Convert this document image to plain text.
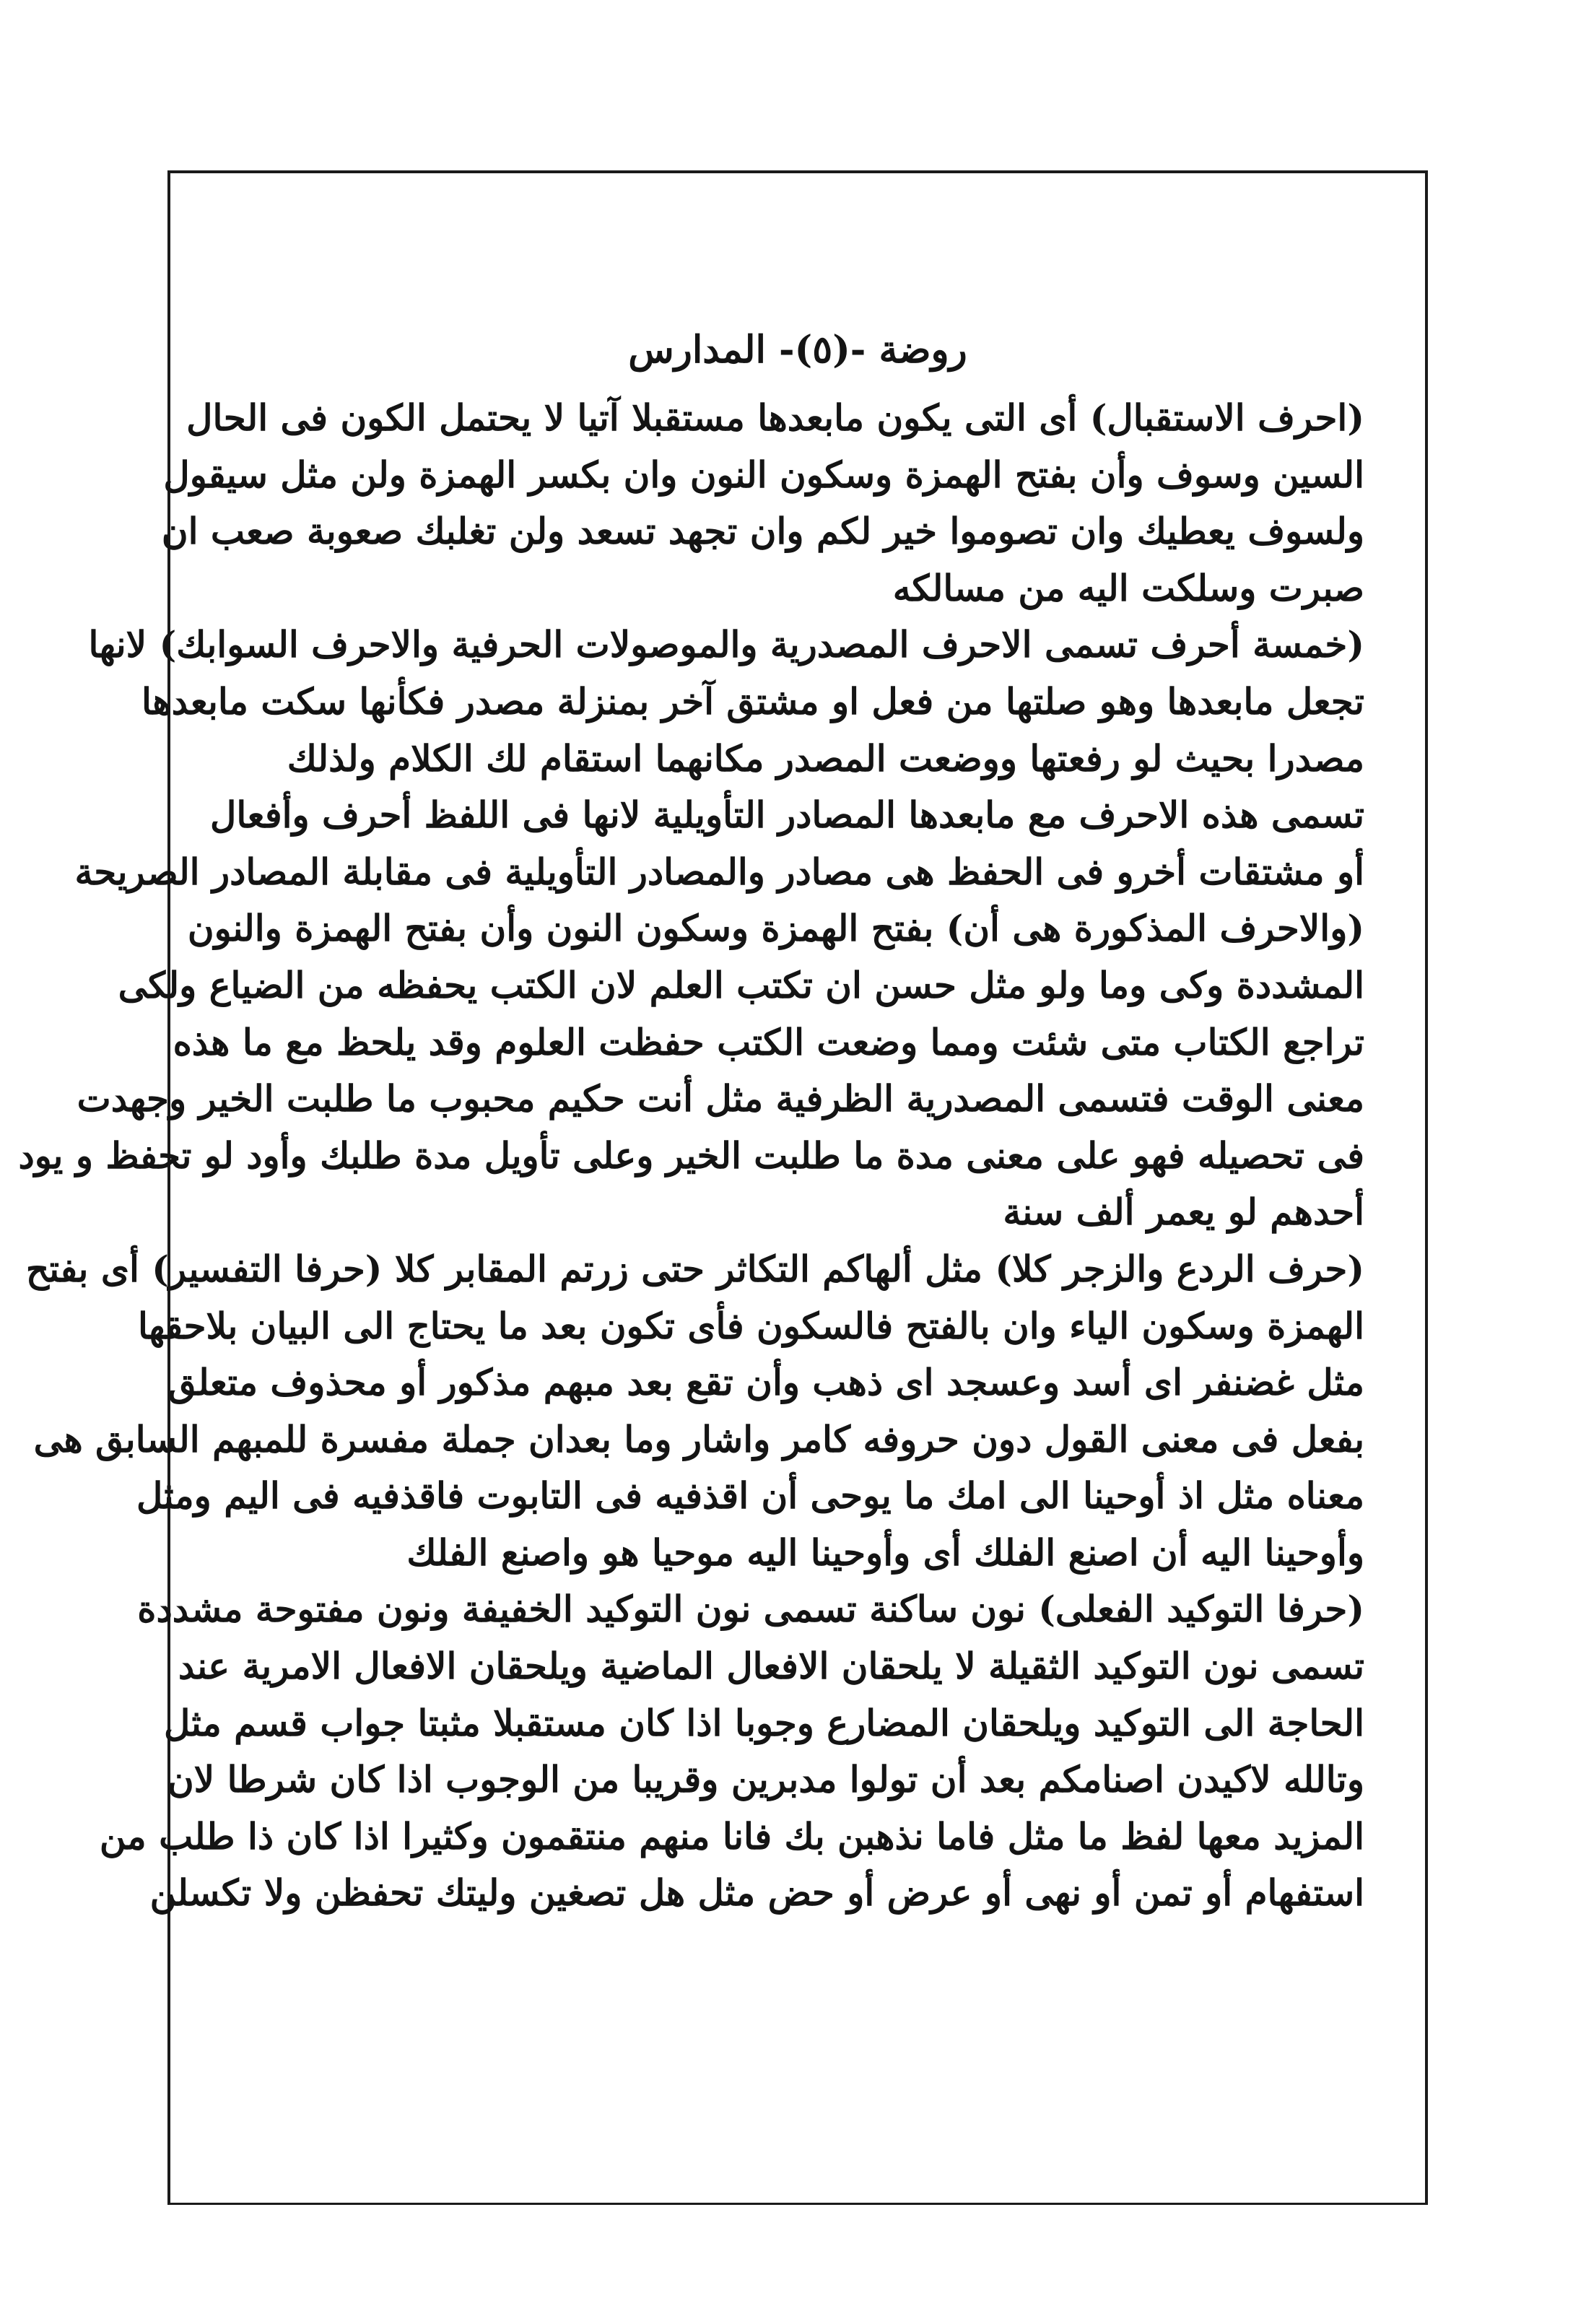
روضة -(٥)- المدارس
(احرف الاستقبال) أى التى يكون مابعدها مستقبلا آتيا لا يحتمل الكون فى الحال
السين وسوف وأن بفتح الهمزة وسكون النون وان بكسر الهمزة ولن مثل سيقول
ولسوف يعطيك وان تصوموا خير لكم وان تجهد تسعد ولن تغلبك صعوبة صعب ان
صبرت وسلكت اليه من مسالكه
(خمسة أحرف تسمى الاحرف المصدرية والموصولات الحرفية والاحرف السوابك) لانها
تجعل مابعدها وهو صلتها من فعل او مشتق آخر بمنزلة مصدر فكأنها سكت مابعدها
مصدرا بحيث لو رفعتها ووضعت المصدر مكانهما استقام لك الكلام ولذلك
تسمى هذه الاحرف مع مابعدها المصادر التأويلية لانها فى اللفظ أحرف وأفعال
أو مشتقات أخرو فى الحفظ هى مصادر والمصادر التأويلية فى مقابلة المصادر الصريحة
(والاحرف المذكورة هى أن) بفتح الهمزة وسكون النون وأن بفتح الهمزة والنون
المشددة وكى وما ولو مثل حسن ان تكتب العلم لان الكتب يحفظه من الضياع ولكى
تراجع الكتاب متى شئت ومما وضعت الكتب حفظت العلوم وقد يلحظ مع ما هذه
معنى الوقت فتسمى المصدرية الظرفية مثل أنت حكيم محبوب ما طلبت الخير وجهدت
فى تحصيله فهو على معنى مدة ما طلبت الخير وعلى تأويل مدة طلبك وأود لو تحفظ و يود
أحدهم لو يعمر ألف سنة
(حرف الردع والزجر كلا) مثل ألهاكم التكاثر حتى زرتم المقابر كلا (حرفا التفسير) أى بفتح
الهمزة وسكون الياء وان بالفتح فالسكون فأى تكون بعد ما يحتاج الى البيان بلاحقها
مثل غضنفر اى أسد وعسجد اى ذهب وأن تقع بعد مبهم مذكور أو محذوف متعلق
بفعل فى معنى القول دون حروفه كامر واشار وما بعدان جملة مفسرة للمبهم السابق هى
معناه مثل اذ أوحينا الى امك ما يوحى أن اقذفيه فى التابوت فاقذفيه فى اليم ومثل
وأوحينا اليه أن اصنع الفلك أى وأوحينا اليه موحيا هو واصنع الفلك
(حرفا التوكيد الفعلى) نون ساكنة تسمى نون التوكيد الخفيفة ونون مفتوحة مشددة
تسمى نون التوكيد الثقيلة لا يلحقان الافعال الماضية ويلحقان الافعال الامرية عند
الحاجة الى التوكيد ويلحقان المضارع وجوبا اذا كان مستقبلا مثبتا جواب قسم مثل
وتالله لاكيدن اصنامكم بعد أن تولوا مدبرين وقريبا من الوجوب اذا كان شرطا لان
المزيد معها لفظ ما مثل فاما نذهبن بك فانا منهم منتقمون وكثيرا اذا كان ذا طلب من
استفهام أو تمن أو نهى أو عرض أو حض مثل هل تصغين وليتك تحفظن ولا تكسلن
